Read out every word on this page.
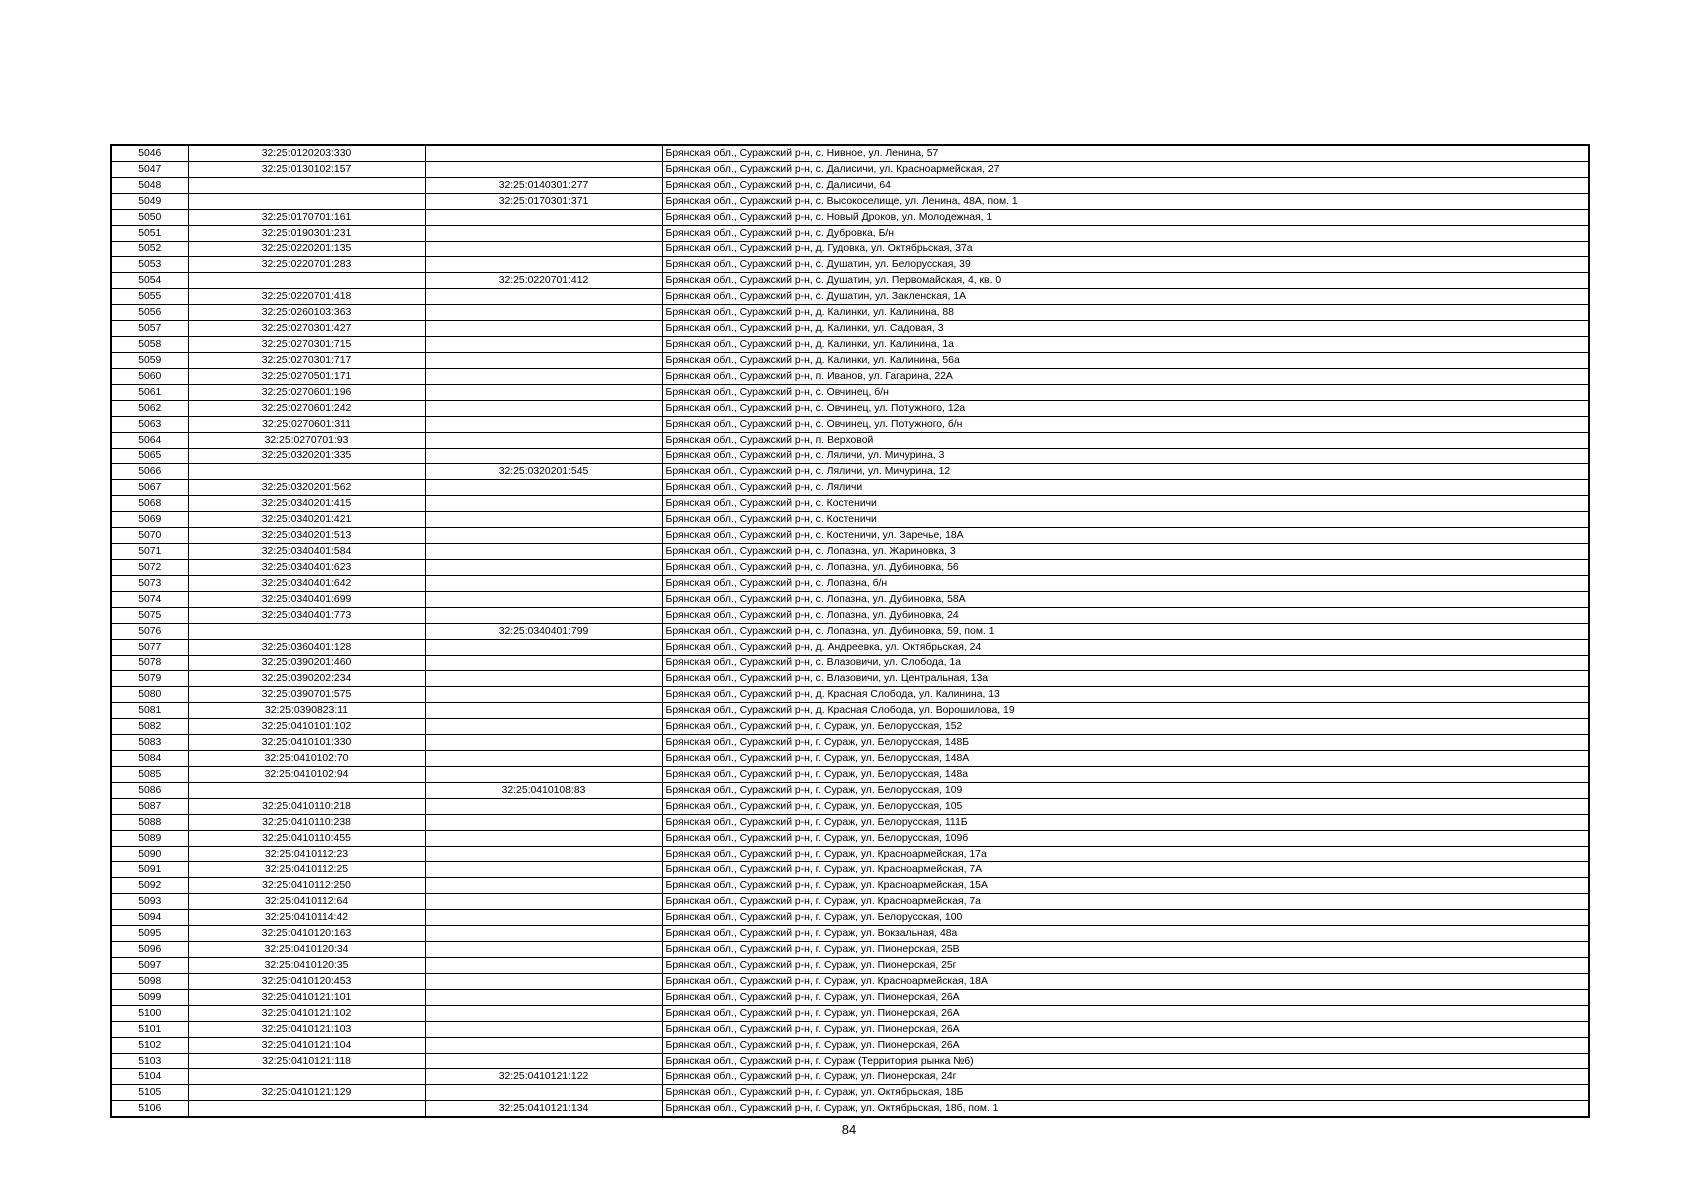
5046	32:25:0120203:330		Брянская обл., Суражский р-н, с. Нивное, ул. Ленина, 57
5047	32:25:0130102:157		Брянская обл., Суражский р-н, с. Далисичи, ул. Красноармейская, 27
5048		32:25:0140301:277	Брянская обл., Суражский р-н, с. Далисичи, 64
5049		32:25:0170301:371	Брянская обл., Суражский р-н, с. Высокоселище, ул. Ленина, 48А, пом. 1
5050	32:25:0170701:161		Брянская обл., Суражский р-н, с. Новый Дроков, ул. Молодежная, 1
5051	32:25:0190301:231		Брянская обл., Суражский р-н, с. Дубровка, Б/н
5052	32:25:0220201:135		Брянская обл., Суражский р-н, д. Гудовка, ул. Октябрьская, 37а
5053	32:25:0220701:283		Брянская обл., Суражский р-н, с. Душатин, ул. Белорусская, 39
5054		32:25:0220701:412	Брянская обл., Суражский р-н, с. Душатин, ул. Первомайская, 4, кв. 0
5055	32:25:0220701:418		Брянская обл., Суражский р-н, с. Душатин, ул. Закленская, 1А
5056	32:25:0260103:363		Брянская обл., Суражский р-н, д. Калинки, ул. Калинина, 88
5057	32:25:0270301:427		Брянская обл., Суражский р-н, д. Калинки, ул. Садовая, 3
5058	32:25:0270301:715		Брянская обл., Суражский р-н, д. Калинки, ул. Калинина, 1а
5059	32:25:0270301:717		Брянская обл., Суражский р-н, д. Калинки, ул. Калинина, 56а
5060	32:25:0270501:171		Брянская обл., Суражский р-н, п. Иванов, ул. Гагарина, 22А
5061	32:25:0270601:196		Брянская обл., Суражский р-н, с. Овчинец, б/н
5062	32:25:0270601:242		Брянская обл., Суражский р-н, с. Овчинец, ул. Потужного, 12а
5063	32:25:0270601:311		Брянская обл., Суражский р-н, с. Овчинец, ул. Потужного, б/н
5064	32:25:0270701:93		Брянская обл., Суражский р-н, п. Верховой
5065	32:25:0320201:335		Брянская обл., Суражский р-н, с. Ляличи, ул. Мичурина, 3
5066		32:25:0320201:545	Брянская обл., Суражский р-н, с. Ляличи, ул. Мичурина, 12
5067	32:25:0320201:562		Брянская обл., Суражский р-н, с. Ляличи
5068	32:25:0340201:415		Брянская обл., Суражский р-н, с. Костеничи
5069	32:25:0340201:421		Брянская обл., Суражский р-н, с. Костеничи
5070	32:25:0340201:513		Брянская обл., Суражский р-н, с. Костеничи, ул. Заречье, 18А
5071	32:25:0340401:584		Брянская обл., Суражский р-н, с. Лопазна, ул. Жариновка, 3
5072	32:25:0340401:623		Брянская обл., Суражский р-н, с. Лопазна, ул. Дубиновка, 56
5073	32:25:0340401:642		Брянская обл., Суражский р-н, с. Лопазна, б/н
5074	32:25:0340401:699		Брянская обл., Суражский р-н, с. Лопазна, ул. Дубиновка, 58А
5075	32:25:0340401:773		Брянская обл., Суражский р-н, с. Лопазна, ул. Дубиновка, 24
5076		32:25:0340401:799	Брянская обл., Суражский р-н, с. Лопазна, ул. Дубиновка, 59, пом. 1
5077	32:25:0360401:128		Брянская обл., Суражский р-н, д. Андреевка, ул. Октябрьская, 24
5078	32:25:0390201:460		Брянская обл., Суражский р-н, с. Влазовичи, ул. Слобода, 1а
5079	32:25:0390202:234		Брянская обл., Суражский р-н, с. Влазовичи, ул. Центральная, 13а
5080	32:25:0390701:575		Брянская обл., Суражский р-н, д. Красная Слобода, ул. Калинина, 13
5081	32:25:0390823:11		Брянская обл., Суражский р-н, д. Красная Слобода, ул. Ворошилова, 19
5082	32:25:0410101:102		Брянская обл., Суражский р-н, г. Сураж, ул. Белорусская, 152
5083	32:25:0410101:330		Брянская обл., Суражский р-н, г. Сураж, ул. Белорусская, 148Б
5084	32:25:0410102:70		Брянская обл., Суражский р-н, г. Сураж, ул. Белорусская, 148А
5085	32:25:0410102:94		Брянская обл., Суражский р-н, г. Сураж, ул. Белорусская, 148а
5086		32:25:0410108:83	Брянская обл., Суражский р-н, г. Сураж, ул. Белорусская, 109
5087	32:25:0410110:218		Брянская обл., Суражский р-н, г. Сураж, ул. Белорусская, 105
5088	32:25:0410110:238		Брянская обл., Суражский р-н, г. Сураж, ул. Белорусская, 111Б
5089	32:25:0410110:455		Брянская обл., Суражский р-н, г. Сураж, ул. Белорусская, 109б
5090	32:25:0410112:23		Брянская обл., Суражский р-н, г. Сураж, ул. Красноармейская, 17а
5091	32:25:0410112:25		Брянская обл., Суражский р-н, г. Сураж, ул. Красноармейская, 7А
5092	32:25:0410112:250		Брянская обл., Суражский р-н, г. Сураж, ул. Красноармейская, 15А
5093	32:25:0410112:64		Брянская обл., Суражский р-н, г. Сураж, ул. Красноармейская, 7а
5094	32:25:0410114:42		Брянская обл., Суражский р-н, г. Сураж, ул. Белорусская, 100
5095	32:25:0410120:163		Брянская обл., Суражский р-н, г. Сураж, ул. Вокзальная, 48а
5096	32:25:0410120:34		Брянская обл., Суражский р-н, г. Сураж, ул. Пионерская, 25В
5097	32:25:0410120:35		Брянская обл., Суражский р-н, г. Сураж, ул. Пионерская, 25г
5098	32:25:0410120:453		Брянская обл., Суражский р-н, г. Сураж, ул. Красноармейская, 18А
5099	32:25:0410121:101		Брянская обл., Суражский р-н, г. Сураж, ул. Пионерская, 26А
5100	32:25:0410121:102		Брянская обл., Суражский р-н, г. Сураж, ул. Пионерская, 26А
5101	32:25:0410121:103		Брянская обл., Суражский р-н, г. Сураж, ул. Пионерская, 26А
5102	32:25:0410121:104		Брянская обл., Суражский р-н, г. Сураж, ул. Пионерская, 26А
5103	32:25:0410121:118		Брянская обл., Суражский р-н, г. Сураж (Территория рынка №6)
5104		32:25:0410121:122	Брянская обл., Суражский р-н, г. Сураж, ул. Пионерская, 24г
5105	32:25:0410121:129		Брянская обл., Суражский р-н, г. Сураж, ул. Октябрьская, 18Б
5106		32:25:0410121:134	Брянская обл., Суражский р-н, г. Сураж, ул. Октябрьская, 18б, пом. 1
84
